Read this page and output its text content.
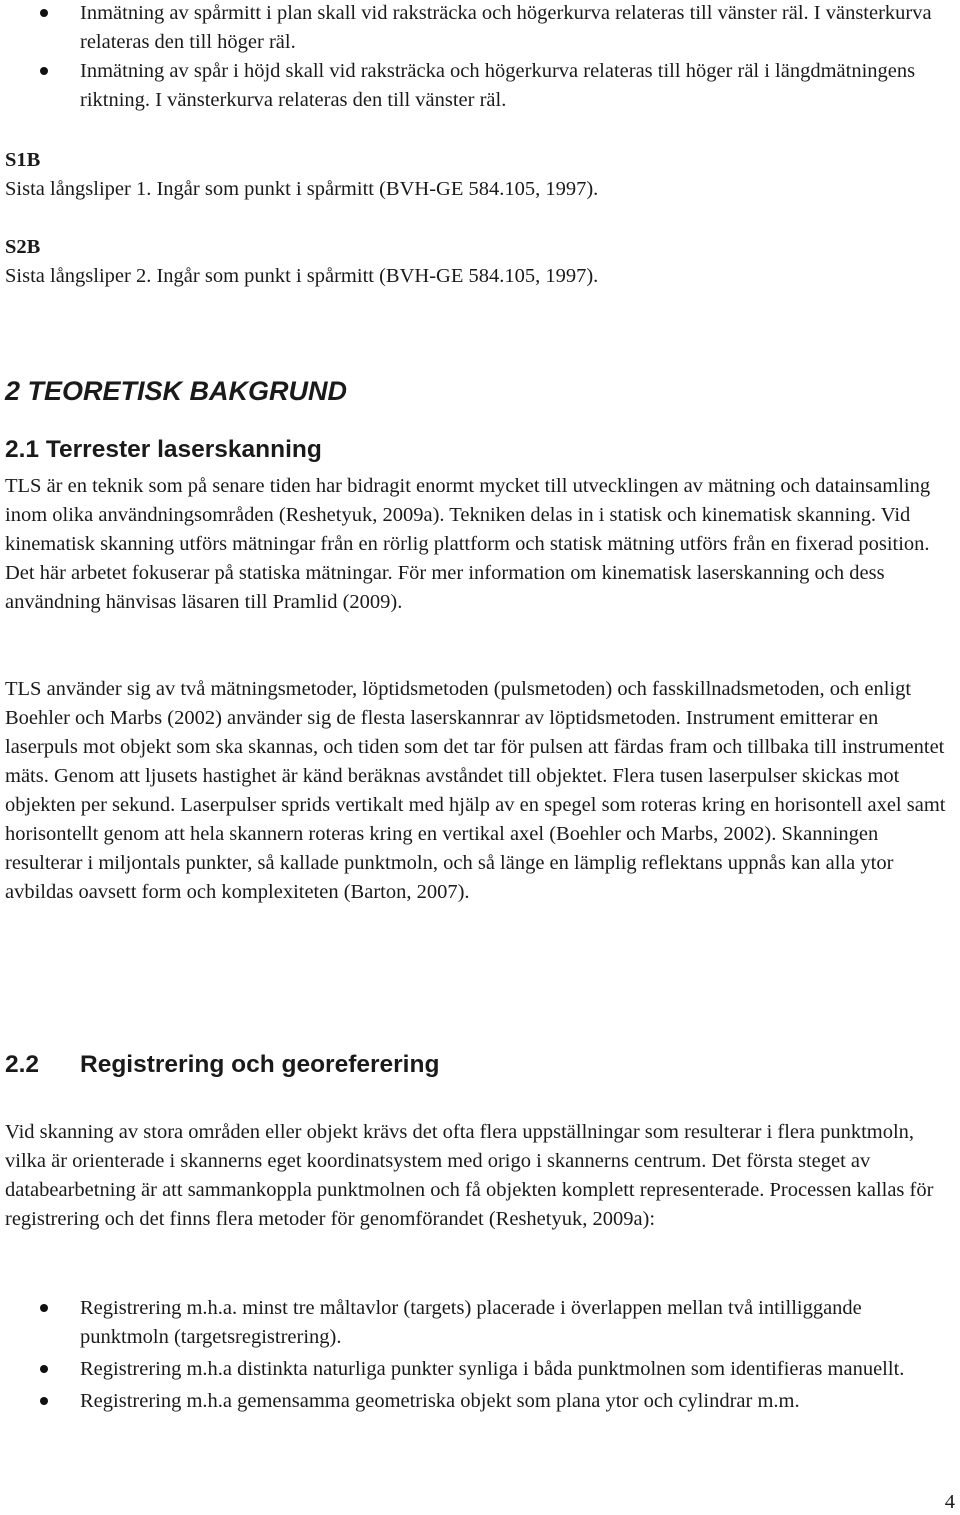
Inmätning av spårmitt i plan skall vid raksträcka och högerkurva relateras till vänster räl. I vänsterkurva relateras den till höger räl.
Inmätning av spår i höjd skall vid raksträcka och högerkurva relateras till höger räl i längdmätningens riktning. I vänsterkurva relateras den till vänster räl.
S1B
Sista långsliper 1. Ingår som punkt i spårmitt (BVH-GE 584.105, 1997).
S2B
Sista långsliper 2. Ingår som punkt i spårmitt (BVH-GE 584.105, 1997).
2 TEORETISK BAKGRUND
2.1 Terrester laserskanning

TLS är en teknik som på senare tiden har bidragit enormt mycket till utvecklingen av mätning och datainsamling inom olika användningsområden (Reshetyuk, 2009a). Tekniken delas in i statisk och kinematisk skanning. Vid kinematisk skanning utförs mätningar från en rörlig plattform och statisk mätning utförs från en fixerad position. Det här arbetet fokuserar på statiska mätningar. För mer information om kinematisk laserskanning och dess användning hänvisas läsaren till Pramlid (2009).

TLS använder sig av två mätningsmetoder, löptidsmetoden (pulsmetoden) och fasskillnadsmetoden, och enligt Boehler och Marbs (2002) använder sig de flesta laserskannrar av löptidsmetoden. Instrument emitterar en laserpuls mot objekt som ska skannas, och tiden som det tar för pulsen att färdas fram och tillbaka till instrumentet mäts. Genom att ljusets hastighet är känd beräknas avståndet till objektet. Flera tusen laserpulser skickas mot objekten per sekund. Laserpulser sprids vertikalt med hjälp av en spegel som roteras kring en horisontell axel samt horisontellt genom att hela skannern roteras kring en vertikal axel (Boehler och Marbs, 2002). Skanningen resulterar i miljontals punkter, så kallade punktmoln, och så länge en lämplig reflektans uppnås kan alla ytor avbildas oavsett form och komplexiteten (Barton, 2007).

2.2 Registrering och georeferering

Vid skanning av stora områden eller objekt krävs det ofta flera uppställningar som resulterar i flera punktmoln, vilka är orienterade i skannerns eget koordinatsystem med origo i skannerns centrum. Det första steget av databearbetning är att sammankoppla punktmolnen och få objekten komplett representerade. Processen kallas för registrering och det finns flera metoder för genomförandet (Reshetyuk, 2009a):

Registrering m.h.a. minst tre måltavlor (targets) placerade i överlappen mellan två intilliggande punktmoln (targetsregistrering).
Registrering m.h.a distinkta naturliga punkter synliga i båda punktmolnen som identifieras manuellt.
Registrering m.h.a gemensamma geometriska objekt som plana ytor och cylindrar m.m.
4
